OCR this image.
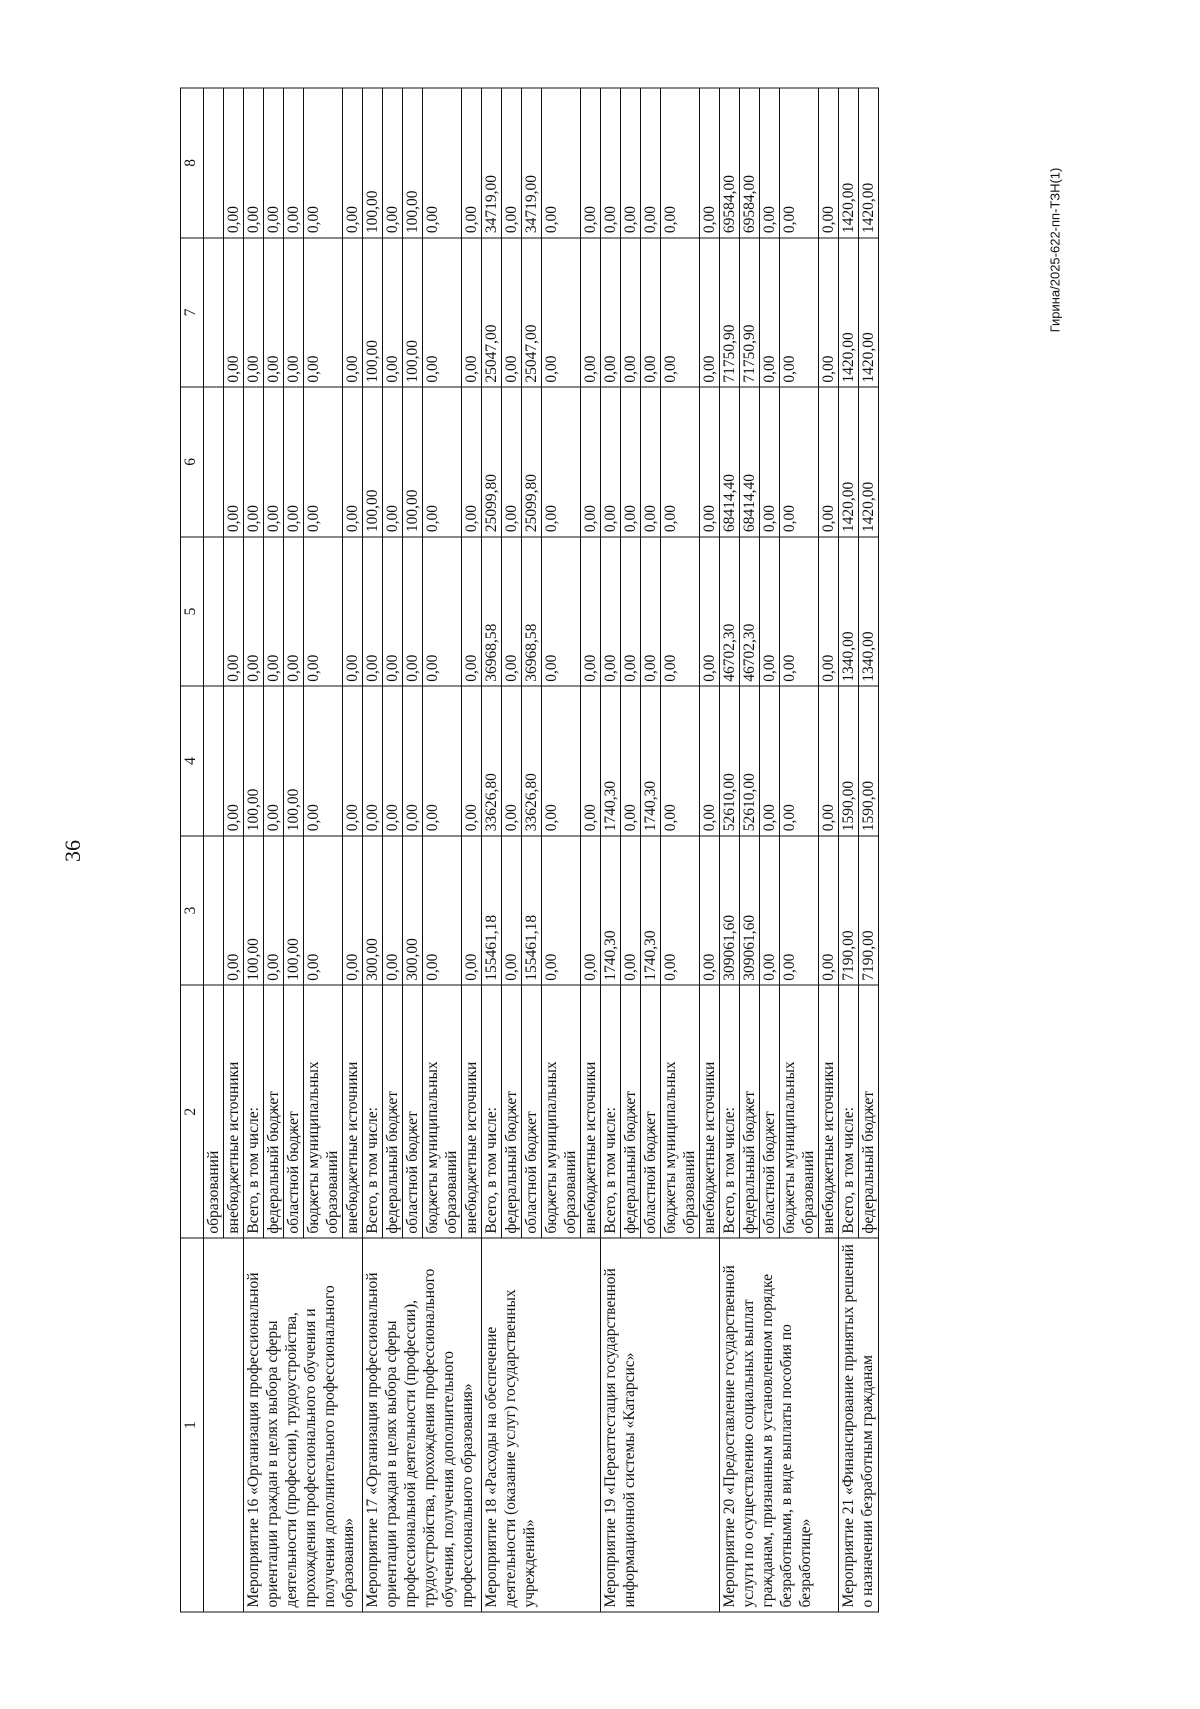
36
1	2	3	4	5	6	7	8
	образований						
	внебюджетные источники	0,00	0,00	0,00	0,00	0,00	0,00
Мероприятие 16 «Организация профессиональной ориентации граждан в целях выбора сферы деятельности (профессии), трудоустройства, прохождения профессионального обучения и получения дополнительного профессионального образования»	Всего, в том числе:	100,00	100,00	0,00	0,00	0,00	0,00
	федеральный бюджет	0,00	0,00	0,00	0,00	0,00	0,00
	областной бюджет	100,00	100,00	0,00	0,00	0,00	0,00
	бюджеты муниципальных образований	0,00	0,00	0,00	0,00	0,00	0,00
	внебюджетные источники	0,00	0,00	0,00	0,00	0,00	0,00
Мероприятие 17 «Организация профессиональной ориентации граждан в целях выбора сферы профессиональной деятельности (профессии), трудоустройства, прохождения профессионального обучения, получения дополнительного профессионального образования»	Всего, в том числе:	300,00	0,00	0,00	100,00	100,00	100,00
	федеральный бюджет	0,00	0,00	0,00	0,00	0,00	0,00
	областной бюджет	300,00	0,00	0,00	100,00	100,00	100,00
	бюджеты муниципальных образований	0,00	0,00	0,00	0,00	0,00	0,00
	внебюджетные источники	0,00	0,00	0,00	0,00	0,00	0,00
Мероприятие 18 «Расходы на обеспечение деятельности (оказание услуг) государственных учреждений»	Всего, в том числе:	155461,18	33626,80	36968,58	25099,80	25047,00	34719,00
	федеральный бюджет	0,00	0,00	0,00	0,00	0,00	0,00
	областной бюджет	155461,18	33626,80	36968,58	25099,80	25047,00	34719,00
	бюджеты муниципальных образований	0,00	0,00	0,00	0,00	0,00	0,00
	внебюджетные источники	0,00	0,00	0,00	0,00	0,00	0,00
Мероприятие 19 «Переаттестация государственной информационной системы «Катарсис»	Всего, в том числе:	1740,30	1740,30	0,00	0,00	0,00	0,00
	федеральный бюджет	0,00	0,00	0,00	0,00	0,00	0,00
	областной бюджет	1740,30	1740,30	0,00	0,00	0,00	0,00
	бюджеты муниципальных образований	0,00	0,00	0,00	0,00	0,00	0,00
	внебюджетные источники	0,00	0,00	0,00	0,00	0,00	0,00
Мероприятие 20 «Предоставление государственной услуги по осуществлению социальных выплат гражданам, признанным в установленном порядке безработными, в виде выплаты пособия по безработице»	Всего, в том числе:	309061,60	52610,00	46702,30	68414,40	71750,90	69584,00
	федеральный бюджет	309061,60	52610,00	46702,30	68414,40	71750,90	69584,00
	областной бюджет	0,00	0,00	0,00	0,00	0,00	0,00
	бюджеты муниципальных образований	0,00	0,00	0,00	0,00	0,00	0,00
	внебюджетные источники	0,00	0,00	0,00	0,00	0,00	0,00
Мероприятие 21 «Финансирование принятых решений о назначении безработным гражданам	Всего, в том числе:	7190,00	1590,00	1340,00	1420,00	1420,00	1420,00
	федеральный бюджет	7190,00	1590,00	1340,00	1420,00	1420,00	1420,00	Гирина/2025-622-пп-ТЗН(1)
